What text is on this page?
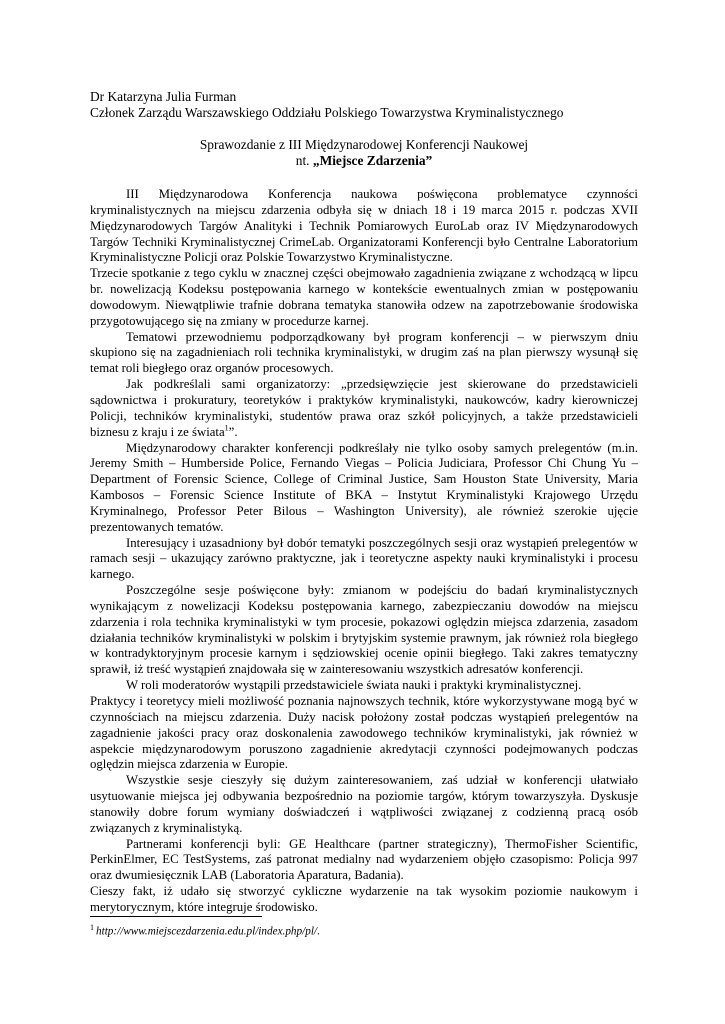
Dr Katarzyna Julia Furman

Członek Zarządu Warszawskiego Oddziału Polskiego Towarzystwa Kryminalistycznego

Sprawozdanie z III Międzynarodowej Konferencji Naukowej

nt. „Miejsce Zdarzenia”

III Międzynarodowa Konferencja naukowa poświęcona problematyce czynności kryminalistycznych na miejscu zdarzenia odbyła się w dniach 18 i 19 marca 2015 r. podczas XVII Międzynarodowych Targów Analityki i Technik Pomiarowych EuroLab oraz IV Międzynarodowych Targów Techniki Kryminalistycznej CrimeLab. Organizatorami Konferencji było Centralne Laboratorium Kryminalistyczne Policji oraz Polskie Towarzystwo Kryminalistyczne.

Trzecie spotkanie z tego cyklu w znacznej części obejmowało zagadnienia związane z wchodzącą w lipcu br. nowelizacją Kodeksu postępowania karnego w kontekście ewentualnych zmian w postępowaniu dowodowym. Niewątpliwie trafnie dobrana tematyka stanowiła odzew na zapotrzebowanie środowiska przygotowującego się na zmiany w procedurze karnej.

Tematowi przewodniemu podporządkowany był program konferencji – w pierwszym dniu skupiono się na zagadnieniach roli technika kryminalistyki, w drugim zaś na plan pierwszy wysunął się temat roli biegłego oraz organów procesowych.

Jak podkreślali sami organizatorzy: „przedsięwzięcie jest skierowane do przedstawicieli sądownictwa i prokuratury, teoretyków i praktyków kryminalistyki, naukowców, kadry kierowniczej Policji, techników kryminalistyki, studentów prawa oraz szkół policyjnych, a także przedstawicieli biznesu z kraju i ze świata$^1$”.

Międzynarodowy charakter konferencji podkreślały nie tylko osoby samych prelegentów (m.in. Jeremy Smith – Humberside Police, Fernando Viegas – Policia Judiciara, Professor Chi Chung Yu – Department of Forensic Science, College of Criminal Justice, Sam Houston State University, Maria Kambosos – Forensic Science Institute of BKA – Instytut Kryminalistyki Krajowego Urzędu Kryminalnego, Professor Peter Bilous – Washington University), ale również szerokie ujęcie prezentowanych tematów.

Interesujący i uzasadniony był dobór tematyki poszczególnych sesji oraz wystąpień prelegentów w ramach sesji – ukazujący zarówno praktyczne, jak i teoretyczne aspekty nauki kryminalistyki i procesu karnego.

Poszczególne sesje poświęcone były: zmianom w podejściu do badań kryminalistycznych wynikającym z nowelizacji Kodeksu postępowania karnego, zabezpieczaniu dowodów na miejscu zdarzenia i rola technika kryminalistyki w tym procesie, pokazowi oględzin miejsca zdarzenia, zasadom działania techników kryminalistyki w polskim i brytyjskim systemie prawnym, jak również rola biegłego w kontradyktoryjnym procesie karnym i sędziowskiej ocenie opinii biegłego. Taki zakres tematyczny sprawił, iż treść wystąpień znajdowała się w zainteresowaniu wszystkich adresatów konferencji.

W roli moderatorów wystąpili przedstawiciele świata nauki i praktyki kryminalistycznej.

Praktycy i teoretycy mieli możliwość poznania najnowszych technik, które wykorzystywane mogą być w czynnościach na miejscu zdarzenia. Duży nacisk położony został podczas wystąpień prelegentów na zagadnienie jakości pracy oraz doskonalenia zawodowego techników kryminalistyki, jak również w aspekcie międzynarodowym poruszono zagadnienie akredytacji czynności podejmowanych podczas oględzin miejsca zdarzenia w Europie.

Wszystkie sesje cieszyły się dużym zainteresowaniem, zaś udział w konferencji ułatwiało usytuowanie miejsca jej odbywania bezpośrednio na poziomie targów, którym towarzyszyła. Dyskusje stanowiły dobre forum wymiany doświadczeń i wątpliwości związanej z codzienną pracą osób związanych z kryminalistyką.

Partnerami konferencji byli: GE Healthcare (partner strategiczny), ThermoFisher Scientific, PerkinElmer, EC TestSystems, zaś patronat medialny nad wydarzeniem objęło czasopismo: Policja 997 oraz dwumiesięcznik LAB (Laboratoria Aparatura, Badania).

Cieszy fakt, iż udało się stworzyć cykliczne wydarzenie na tak wysokim poziomie naukowym i merytorycznym, które integruje środowisko.

$^1$ http://www.miejscezdarzenia.edu.pl/index.php/pl/.
